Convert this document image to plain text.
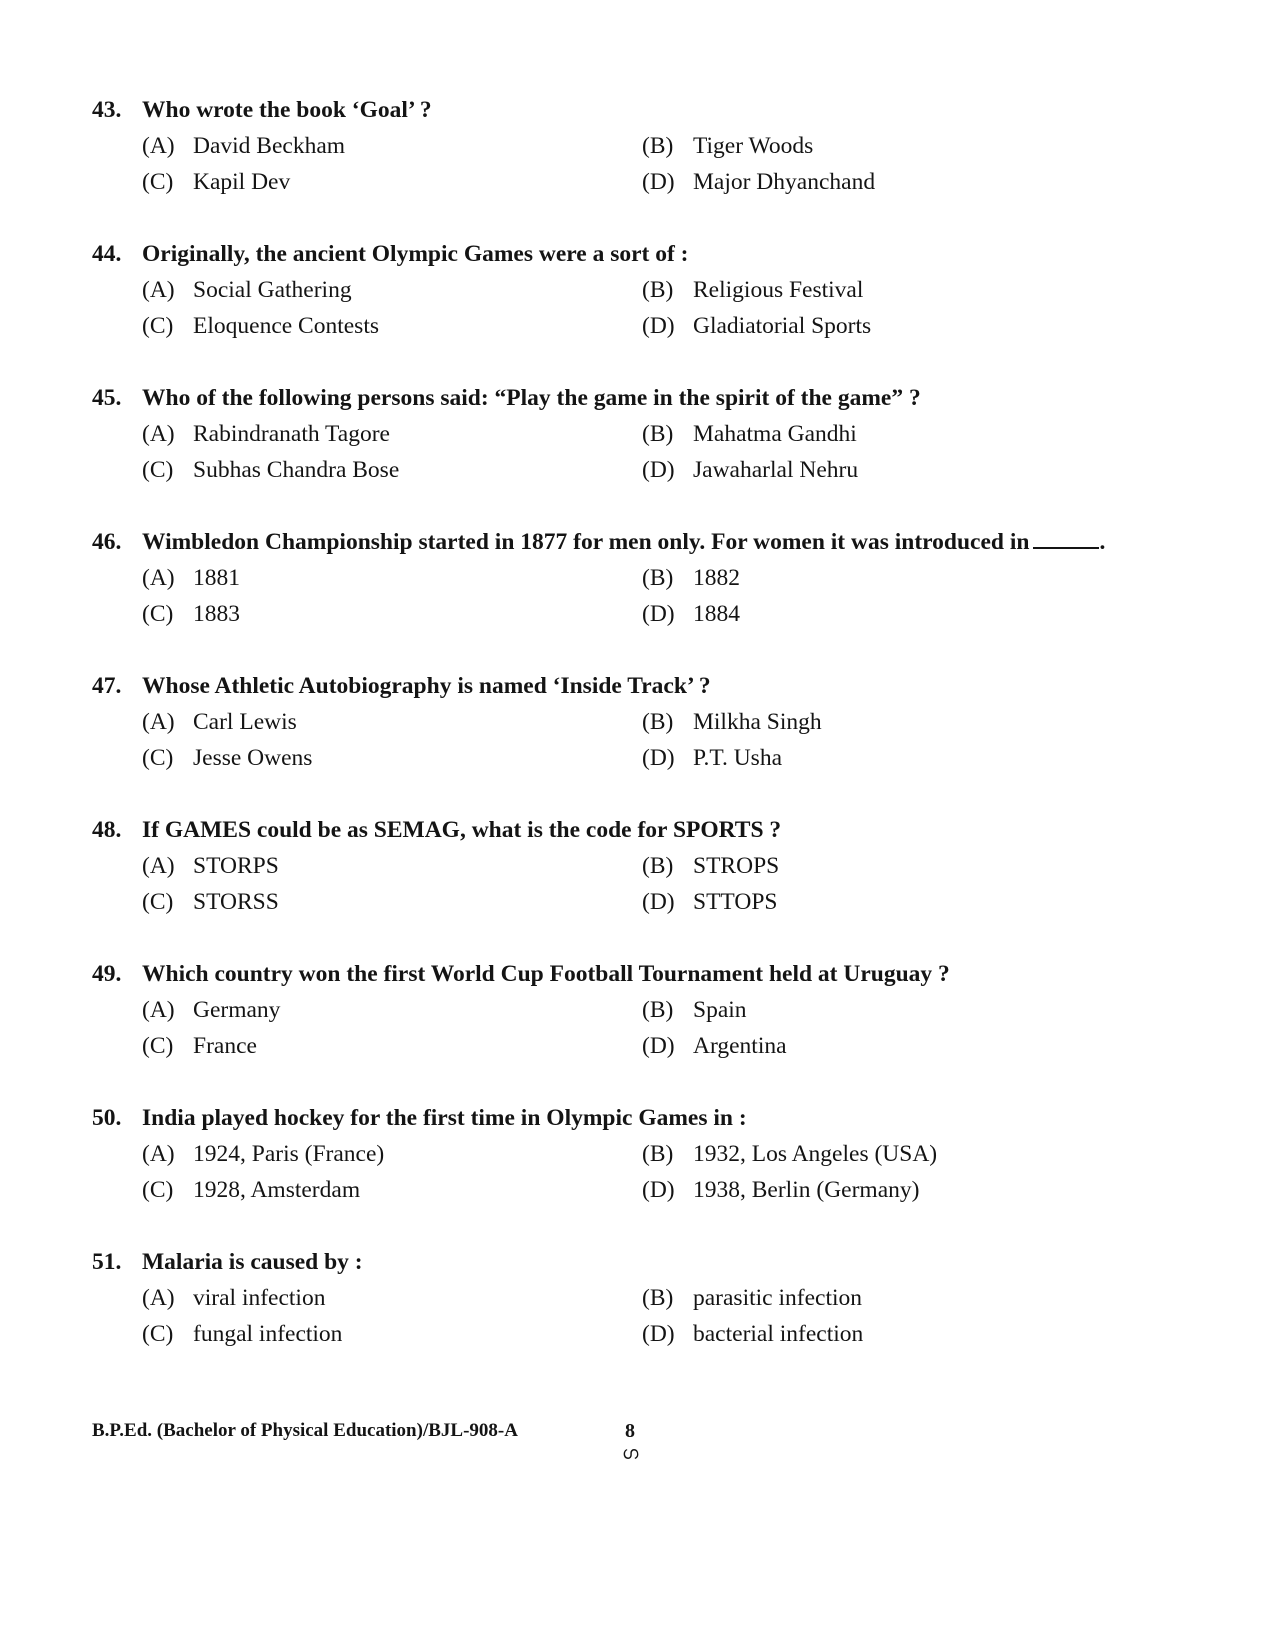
43. Who wrote the book ‘Goal’ ?
(A) David Beckham	(B) Tiger Woods
(C) Kapil Dev	(D) Major Dhyanchand
44. Originally, the ancient Olympic Games were a sort of :
(A) Social Gathering	(B) Religious Festival
(C) Eloquence Contests	(D) Gladiatorial Sports
45. Who of the following persons said: “Play the game in the spirit of the game” ?
(A) Rabindranath Tagore	(B) Mahatma Gandhi
(C) Subhas Chandra Bose	(D) Jawaharlal Nehru
46. Wimbledon Championship started in 1877 for men only. For women it was introduced in	.
(A) 1881	(B) 1882
(C) 1883	(D) 1884
47. Whose Athletic Autobiography is named ‘Inside Track’ ?
(A) Carl Lewis	(B) Milkha Singh
(C) Jesse Owens	(D) P.T. Usha
48. If GAMES could be as SEMAG, what is the code for SPORTS ?
(A) STORPS	(B) STROPS
(C) STORSS	(D) STTOPS
49. Which country won the first World Cup Football Tournament held at Uruguay ?
(A) Germany	(B) Spain
(C) France	(D) Argentina
50. India played hockey for the first time in Olympic Games in :
(A) 1924, Paris (France)	(B) 1932, Los Angeles (USA)
(C) 1928, Amsterdam	(D) 1938, Berlin (Germany)
51. Malaria is caused by :
(A) viral infection	(B) parasitic infection
(C) fungal infection	(D) bacterial infection
B.P.Ed. (Bachelor of Physical Education)/BJL-908-A	8
ഗ
